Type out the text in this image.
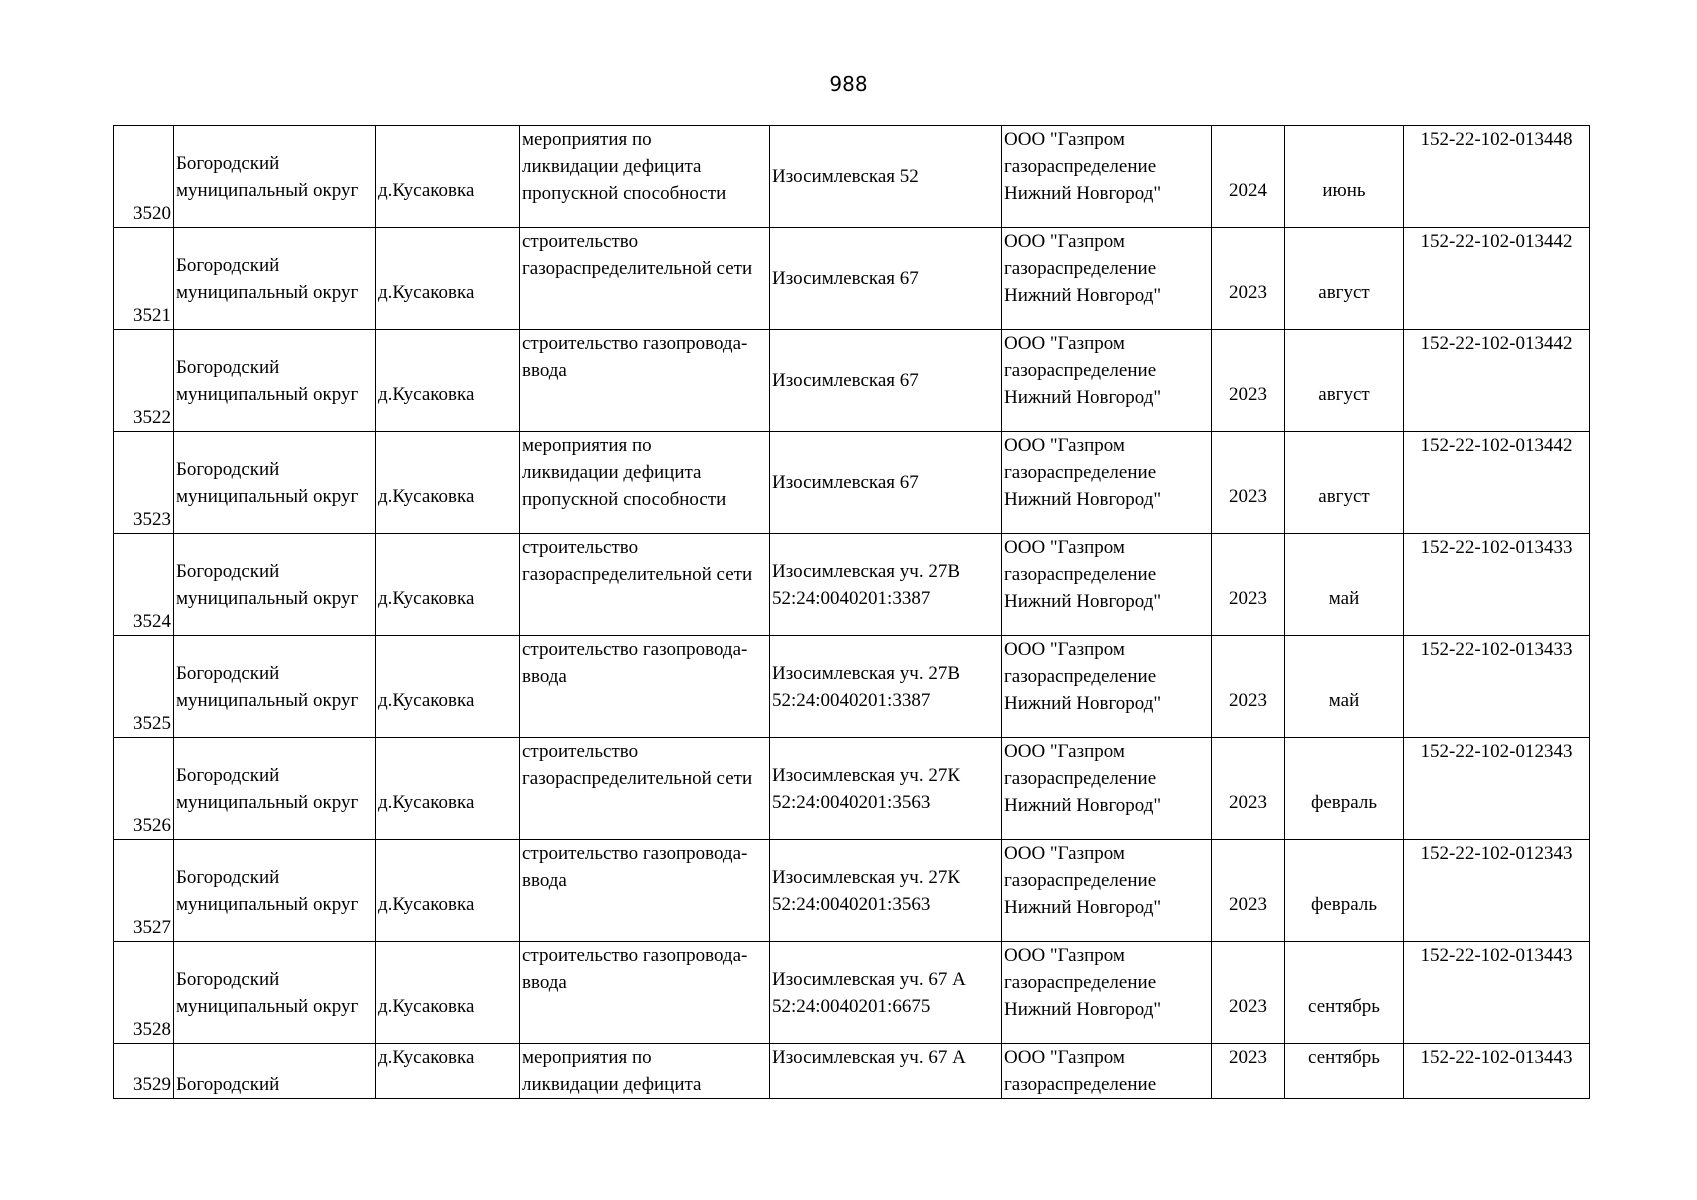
988
3520	Богородский
муниципальный округ	д.Кусаковка	мероприятия по
ликвидации дефицита
пропускной способности	Изосимлевская 52	ООО "Газпром
газораспределение
Нижний Новгород"	2024	июнь	152-22-102-013448
3521	Богородский
муниципальный округ	д.Кусаковка	строительство
газораспределительной сети	Изосимлевская 67	ООО "Газпром
газораспределение
Нижний Новгород"	2023	август	152-22-102-013442
3522	Богородский
муниципальный округ	д.Кусаковка	строительство газопровода-
ввода	Изосимлевская 67	ООО "Газпром
газораспределение
Нижний Новгород"	2023	август	152-22-102-013442
3523	Богородский
муниципальный округ	д.Кусаковка	мероприятия по
ликвидации дефицита
пропускной способности	Изосимлевская 67	ООО "Газпром
газораспределение
Нижний Новгород"	2023	август	152-22-102-013442
3524	Богородский
муниципальный округ	д.Кусаковка	строительство
газораспределительной сети	Изосимлевская уч. 27В
52:24:0040201:3387	ООО "Газпром
газораспределение
Нижний Новгород"	2023	май	152-22-102-013433
3525	Богородский
муниципальный округ	д.Кусаковка	строительство газопровода-
ввода	Изосимлевская уч. 27В
52:24:0040201:3387	ООО "Газпром
газораспределение
Нижний Новгород"	2023	май	152-22-102-013433
3526	Богородский
муниципальный округ	д.Кусаковка	строительство
газораспределительной сети	Изосимлевская уч. 27К
52:24:0040201:3563	ООО "Газпром
газораспределение
Нижний Новгород"	2023	февраль	152-22-102-012343
3527	Богородский
муниципальный округ	д.Кусаковка	строительство газопровода-
ввода	Изосимлевская уч. 27К
52:24:0040201:3563	ООО "Газпром
газораспределение
Нижний Новгород"	2023	февраль	152-22-102-012343
3528	Богородский
муниципальный округ	д.Кусаковка	строительство газопровода-
ввода	Изосимлевская уч. 67 А
52:24:0040201:6675	ООО "Газпром
газораспределение
Нижний Новгород"	2023	сентябрь	152-22-102-013443
3529	Богородский	д.Кусаковка	мероприятия по
ликвидации дефицита	Изосимлевская уч. 67 А	ООО "Газпром
газораспределение	2023	сентябрь	152-22-102-013443
